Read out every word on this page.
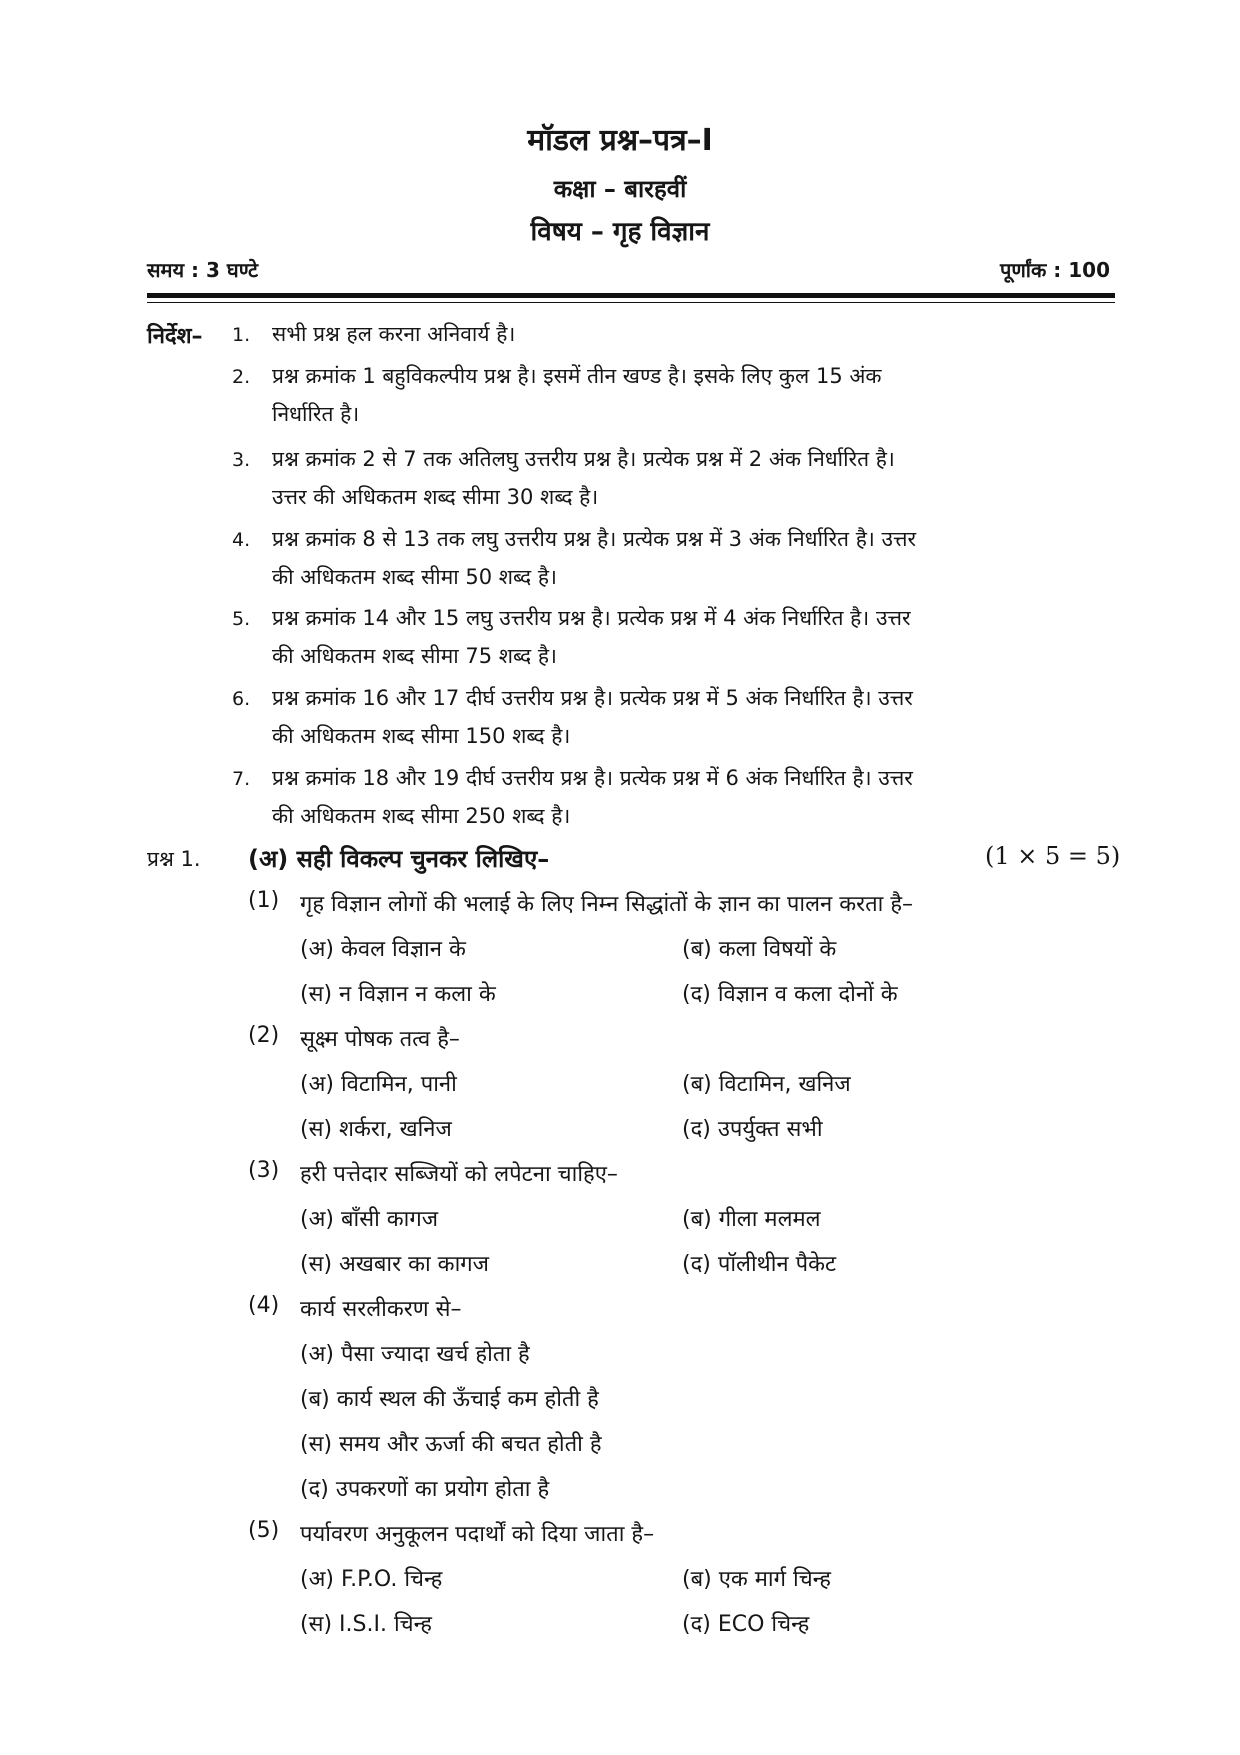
मॉडल प्रश्न–पत्र–I
कक्षा – बारहवीं
विषय – गृह विज्ञान
समय : 3 घण्टे	पूर्णांक : 100
निर्देश– 1. सभी प्रश्न हल करना अनिवार्य है।
2. प्रश्न क्रमांक 1 बहुविकल्पीय प्रश्न है। इसमें तीन खण्ड है। इसके लिए कुल 15 अंक
निर्धारित है।
3. प्रश्न क्रमांक 2 से 7 तक अतिलघु उत्तरीय प्रश्न है। प्रत्येक प्रश्न में 2 अंक निर्धारित है।
उत्तर की अधिकतम शब्द सीमा 30 शब्द है।
4. प्रश्न क्रमांक 8 से 13 तक लघु उत्तरीय प्रश्न है। प्रत्येक प्रश्न में 3 अंक निर्धारित है। उत्तर
की अधिकतम शब्द सीमा 50 शब्द है।
5. प्रश्न क्रमांक 14 और 15 लघु उत्तरीय प्रश्न है। प्रत्येक प्रश्न में 4 अंक निर्धारित है। उत्तर
की अधिकतम शब्द सीमा 75 शब्द है।
6. प्रश्न क्रमांक 16 और 17 दीर्घ उत्तरीय प्रश्न है। प्रत्येक प्रश्न में 5 अंक निर्धारित है। उत्तर
की अधिकतम शब्द सीमा 150 शब्द है।
7. प्रश्न क्रमांक 18 और 19 दीर्घ उत्तरीय प्रश्न है। प्रत्येक प्रश्न में 6 अंक निर्धारित है। उत्तर
की अधिकतम शब्द सीमा 250 शब्द है।
प्रश्न 1. (अ) सही विकल्प चुनकर लिखिए–	(1 × 5 = 5)
(1) गृह विज्ञान लोगों की भलाई के लिए निम्न सिद्धांतों के ज्ञान का पालन करता है–
(अ) केवल विज्ञान के	(ब) कला विषयों के
(स) न विज्ञान न कला के	(द) विज्ञान व कला दोनों के
(2) सूक्ष्म पोषक तत्व है–
(अ) विटामिन, पानी	(ब) विटामिन, खनिज
(स) शर्करा, खनिज	(द) उपर्युक्त सभी
(3) हरी पत्तेदार सब्जियों को लपेटना चाहिए–
(अ) बाँसी कागज	(ब) गीला मलमल
(स) अखबार का कागज	(द) पॉलीथीन पैकेट
(4) कार्य सरलीकरण से–
(अ) पैसा ज्यादा खर्च होता है
(ब) कार्य स्थल की ऊँचाई कम होती है
(स) समय और ऊर्जा की बचत होती है
(द) उपकरणों का प्रयोग होता है
(5) पर्यावरण अनुकूलन पदार्थों को दिया जाता है–
(अ) F.P.O. चिन्ह	(ब) एक मार्ग चिन्ह
(स) I.S.I. चिन्ह	(द) ECO चिन्ह
